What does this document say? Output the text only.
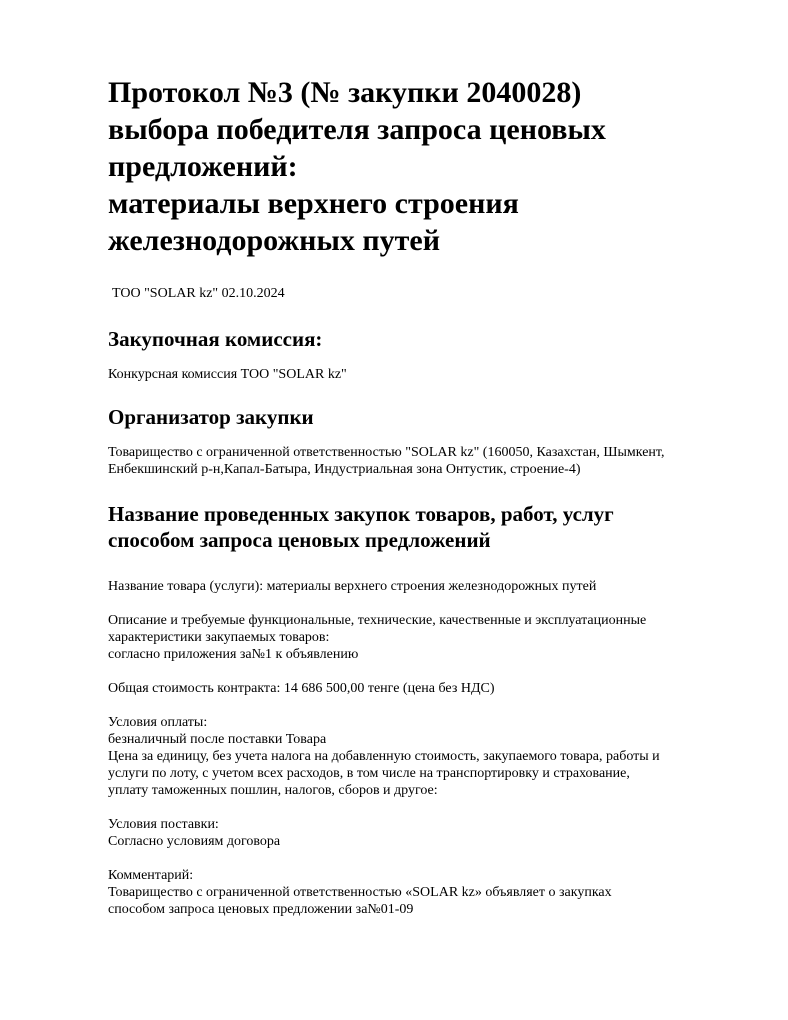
Протокол №3 (№ закупки 2040028)
выбора победителя запроса ценовых
предложений:
материалы верхнего строения
железнодорожных путей
ТОО "SOLAR kz" 02.10.2024
Закупочная комиссия:

Конкурсная комиссия ТОО "SOLAR kz"

Организатор закупки

Товарищество с ограниченной ответственностью "SOLAR kz" (160050, Казахстан, Шымкент,
Енбекшинский р-н,Капал-Батыра, Индустриальная зона Онтустик, строение-4)

Название проведенных закупок товаров, работ, услуг
способом запроса ценовых предложений

Название товара (услуги): материалы верхнего строения железнодорожных путей

Описание и требуемые функциональные, технические, качественные и эксплуатационные
характеристики закупаемых товаров:
согласно приложения за№1 к объявлению

Общая стоимость контракта: 14 686 500,00 тенге (цена без НДС)

Условия оплаты:
безналичный после поставки Товара
Цена за единицу, без учета налога на добавленную стоимость, закупаемого товара, работы и
услуги по лоту, с учетом всех расходов, в том числе на транспортировку и страхование,
уплату таможенных пошлин, налогов, сборов и другое:

Условия поставки:
Согласно условиям договора

Комментарий:
Товарищество с ограниченной ответственностью «SOLAR kz» объявляет о закупках
способом запроса ценовых предложении за№01-09
